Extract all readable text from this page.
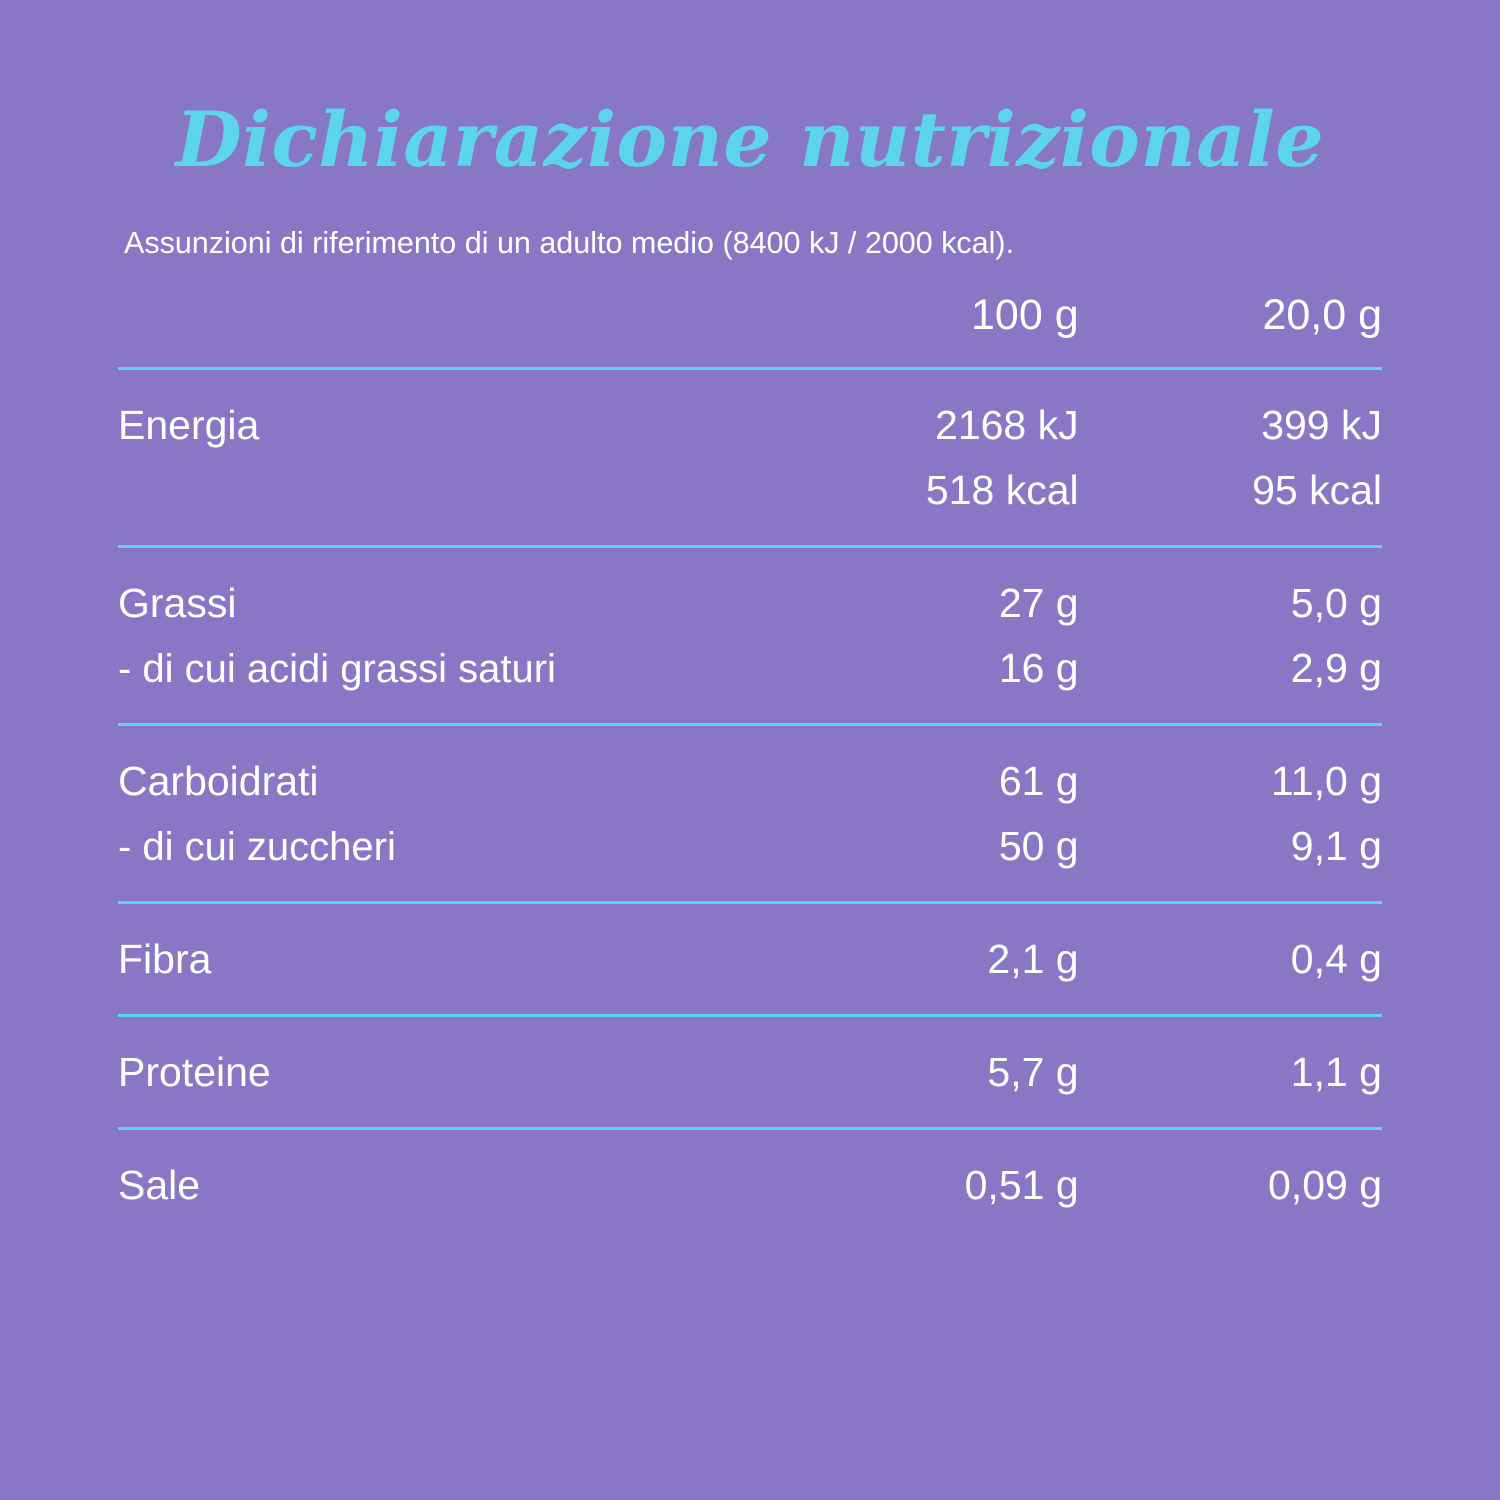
Dichiarazione nutrizionale

Assunzioni di riferimento di un adulto medio (8400 kJ / 2000 kcal).

	100 g	20,0 g

Energia	2168 kJ	399 kJ
	518 kcal	95 kcal

Grassi	27 g	5,0 g
- di cui acidi grassi saturi	16 g	2,9 g

Carboidrati	61 g	11,0 g
- di cui zuccheri	50 g	9,1 g

Fibra	2,1 g	0,4 g

Proteine	5,7 g	1,1 g

Sale	0,51 g	0,09 g
